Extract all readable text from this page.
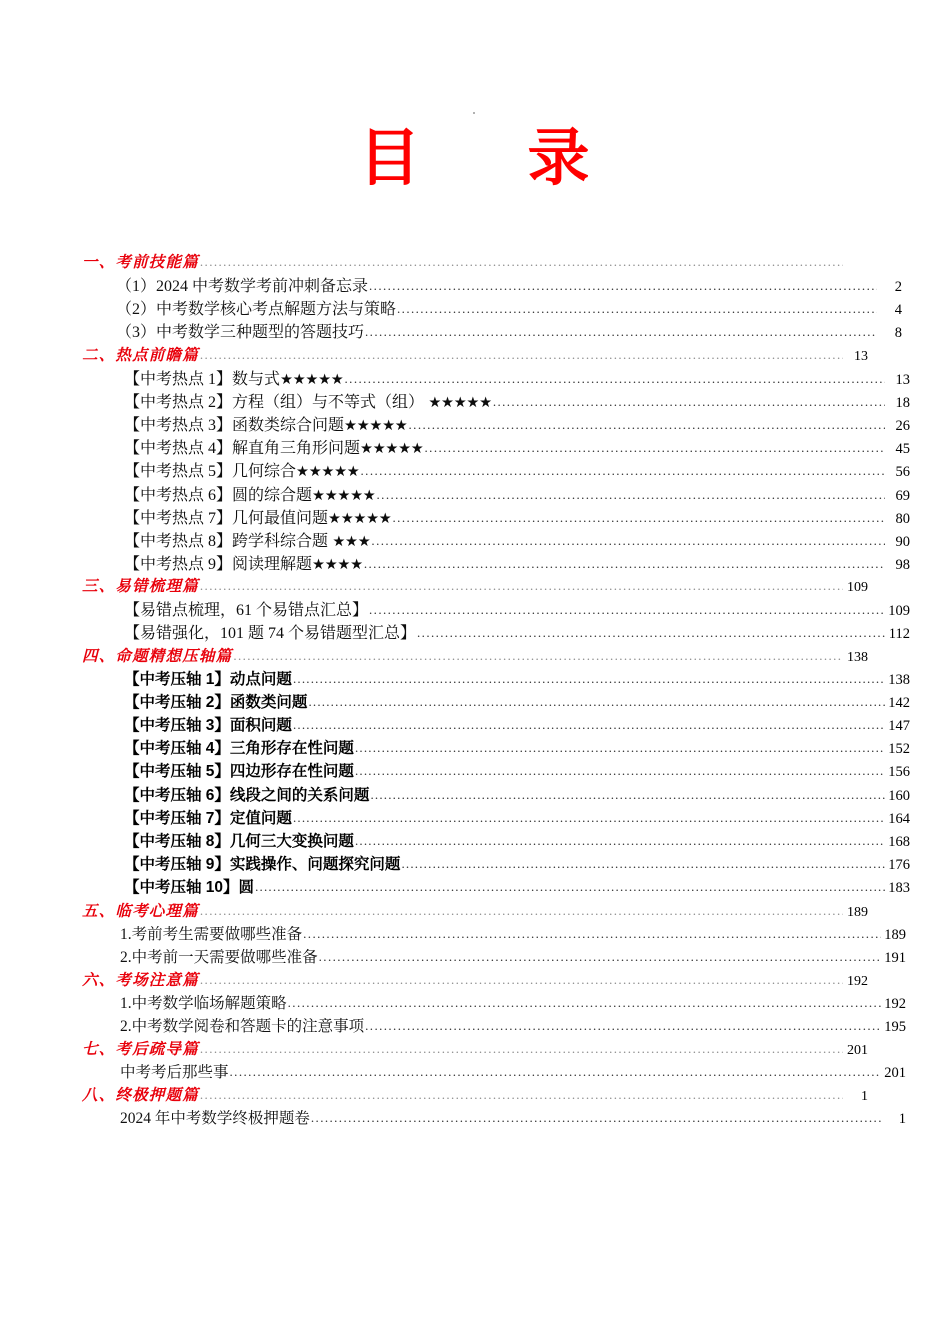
目      录
一、考前技能篇
.....
（1）2024 中考数学考前冲刺备忘录 .....	2
（2）中考数学核心考点解题方法与策略 .....	4
（3）中考数学三种题型的答题技巧 .....	8
二、热点前瞻篇 .....	13
【中考热点 1】数与式★★★★★ .....	13
【中考热点 2】方程（组）与不等式（组） ★★★★★ .....	18
【中考热点 3】函数类综合问题★★★★★ .....	26
【中考热点 4】解直角三角形问题★★★★★ .....	45
【中考热点 5】几何综合★★★★★ .....	56
【中考热点 6】圆的综合题★★★★★ .....	69
【中考热点 7】几何最值问题★★★★★ .....	80
【中考热点 8】跨学科综合题 ★★★ .....	90
【中考热点 9】阅读理解题★★★★ .....	98
三、易错梳理篇 .....	109
【易错点梳理，61 个易错点汇总】 .....	109
【易错强化，101 题 74 个易错题型汇总】 .....	112
四、命题精想压轴篇 .....	138
【中考压轴 1】动点问题 .....	138
【中考压轴 2】函数类问题 .....	142
【中考压轴 3】面积问题 .....	147
【中考压轴 4】三角形存在性问题 .....	152
【中考压轴 5】四边形存在性问题 .....	156
【中考压轴 6】线段之间的关系问题 .....	160
【中考压轴 7】定值问题 .....	164
【中考压轴 8】几何三大变换问题 .....	168
【中考压轴 9】实践操作、问题探究问题 .....	176
【中考压轴 10】圆 .....	183
五、临考心理篇 .....	189
1.考前考生需要做哪些准备 .....	189
2.中考前一天需要做哪些准备 .....	191
六、考场注意篇 .....	192
1.中考数学临场解题策略 .....	192
2.中考数学阅卷和答题卡的注意事项 .....	195
七、考后疏导篇 .....	201
中考考后那些事 .....	201
八、终极押题篇 .....	1
2024 年中考数学终极押题卷 .....	1
